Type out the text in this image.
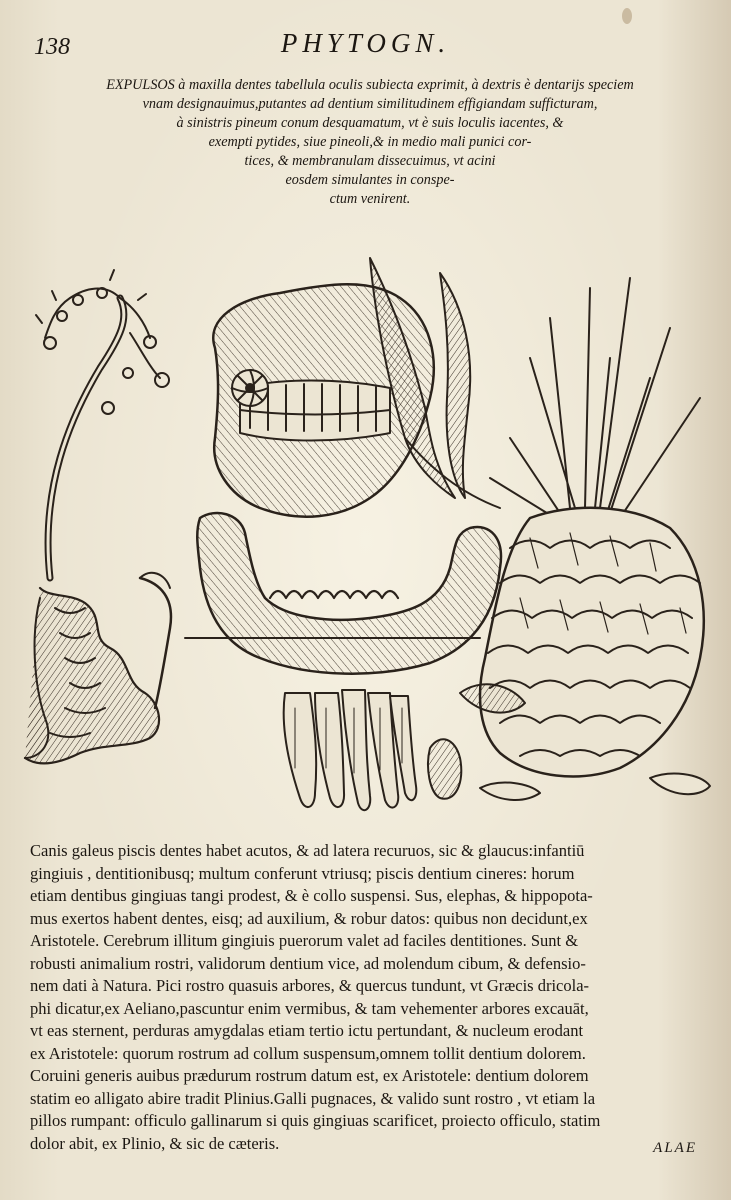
138	PHYTOGN.
EXPULSOS à maxilla dentes tabellula oculis subiecta exprimit, à dextris è dentarijs speciem
vnam designauimus,putantes ad dentium similitudinem effigiandam sufficturam,
à sinistris pineum conum desquamatum, vt è suis loculis iacentes, &
exempti pytides, siue pineoli,& in medio mali punici cor-
tices, & membranulam dissecuimus, vt acini
eosdem simulantes in conspe-
ctum venirent.
Canis galeus piscis dentes habet acutos, & ad latera recuruos, sic & glaucus:infantiū
gingiuis , dentitionibusq; multum conferunt vtriusq; piscis dentium cineres: horum
etiam dentibus gingiuas tangi prodest, & è collo suspensi. Sus, elephas, & hippopota-
mus exertos habent dentes, eisq; ad auxilium, & robur datos: quibus non decidunt,ex
Aristotele. Cerebrum illitum gingiuis puerorum valet ad faciles dentitiones. Sunt &
robusti animalium rostri, validorum dentium vice, ad molendum cibum, & defensio-
nem dati à Natura. Pici rostro quasuis arbores, & quercus tundunt, vt Græcis dricola-
phi dicatur,ex Aeliano,pascuntur enim vermibus, & tam vehementer arbores excauāt,
vt eas sternent, perduras amygdalas etiam tertio ictu pertundant, & nucleum erodant
ex Aristotele: quorum rostrum ad collum suspensum,omnem tollit dentium dolorem.
Coruini generis auibus prædurum rostrum datum est, ex Aristotele: dentium dolorem
statim eo alligato abire tradit Plinius.Galli pugnaces, & valido sunt rostro , vt etiam la
pillos rumpant: officulo gallinarum si quis gingiuas scarificet, proiecto officulo, statim
dolor abit, ex Plinio, & sic de cæteris.	ALAE
